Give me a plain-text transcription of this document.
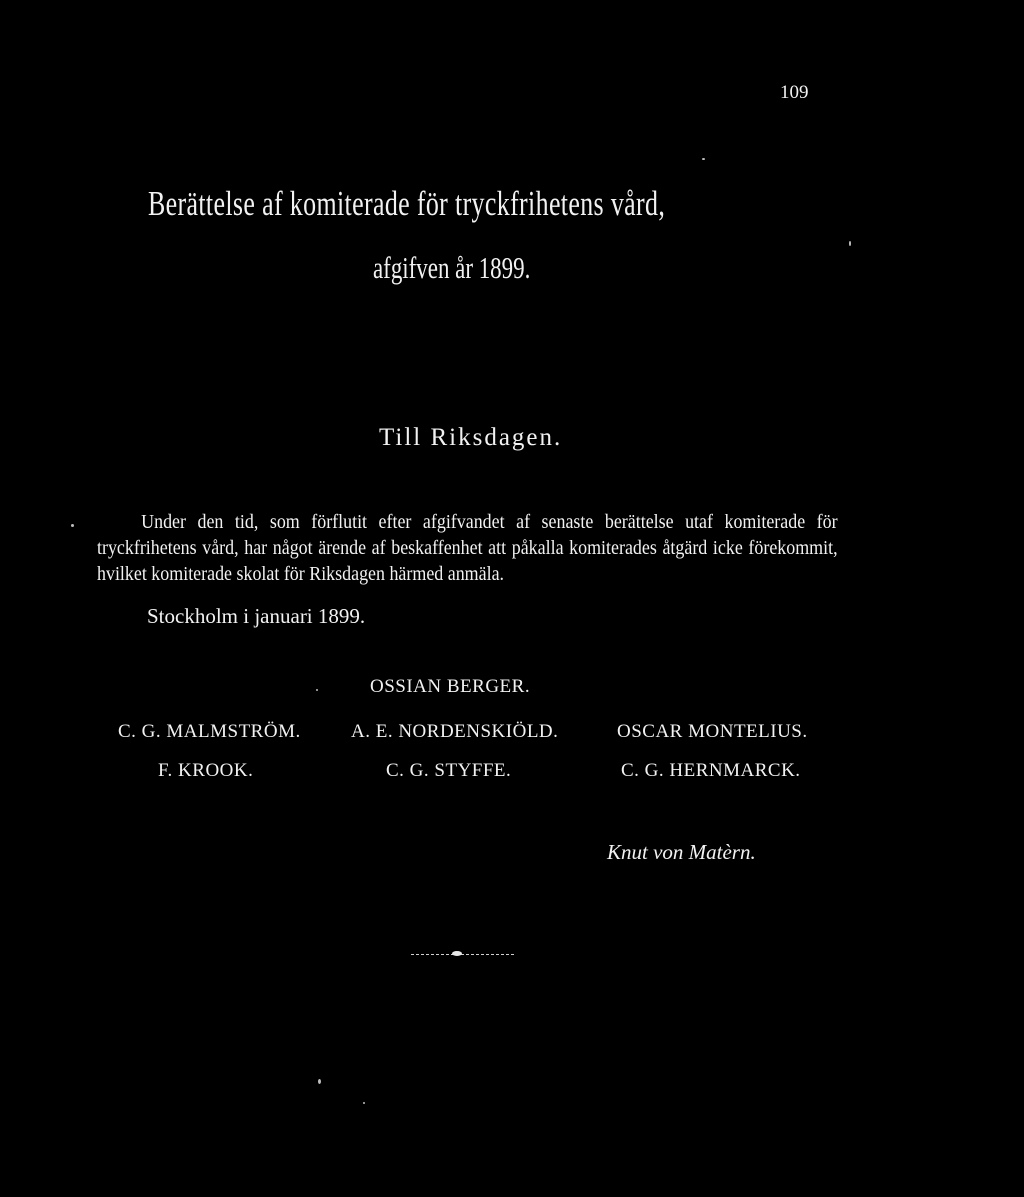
109
Berättelse af komiterade för tryckfrihetens vård,
afgifven år 1899.
Till Riksdagen.
Under den tid, som förflutit efter afgifvandet af senaste berättelse utaf komiterade för tryckfrihetens vård, har något ärende af beskaffenhet att påkalla komiterades åtgärd icke förekommit, hvilket komiterade skolat för Riksdagen härmed anmäla.
Stockholm i januari 1899.
OSSIAN BERGER.
C. G. MALMSTRÖM.	A. E. NORDENSKIÖLD.	OSCAR MONTELIUS.
F. KROOK.	C. G. STYFFE.	C. G. HERNMARCK.
Knut von Matèrn.
